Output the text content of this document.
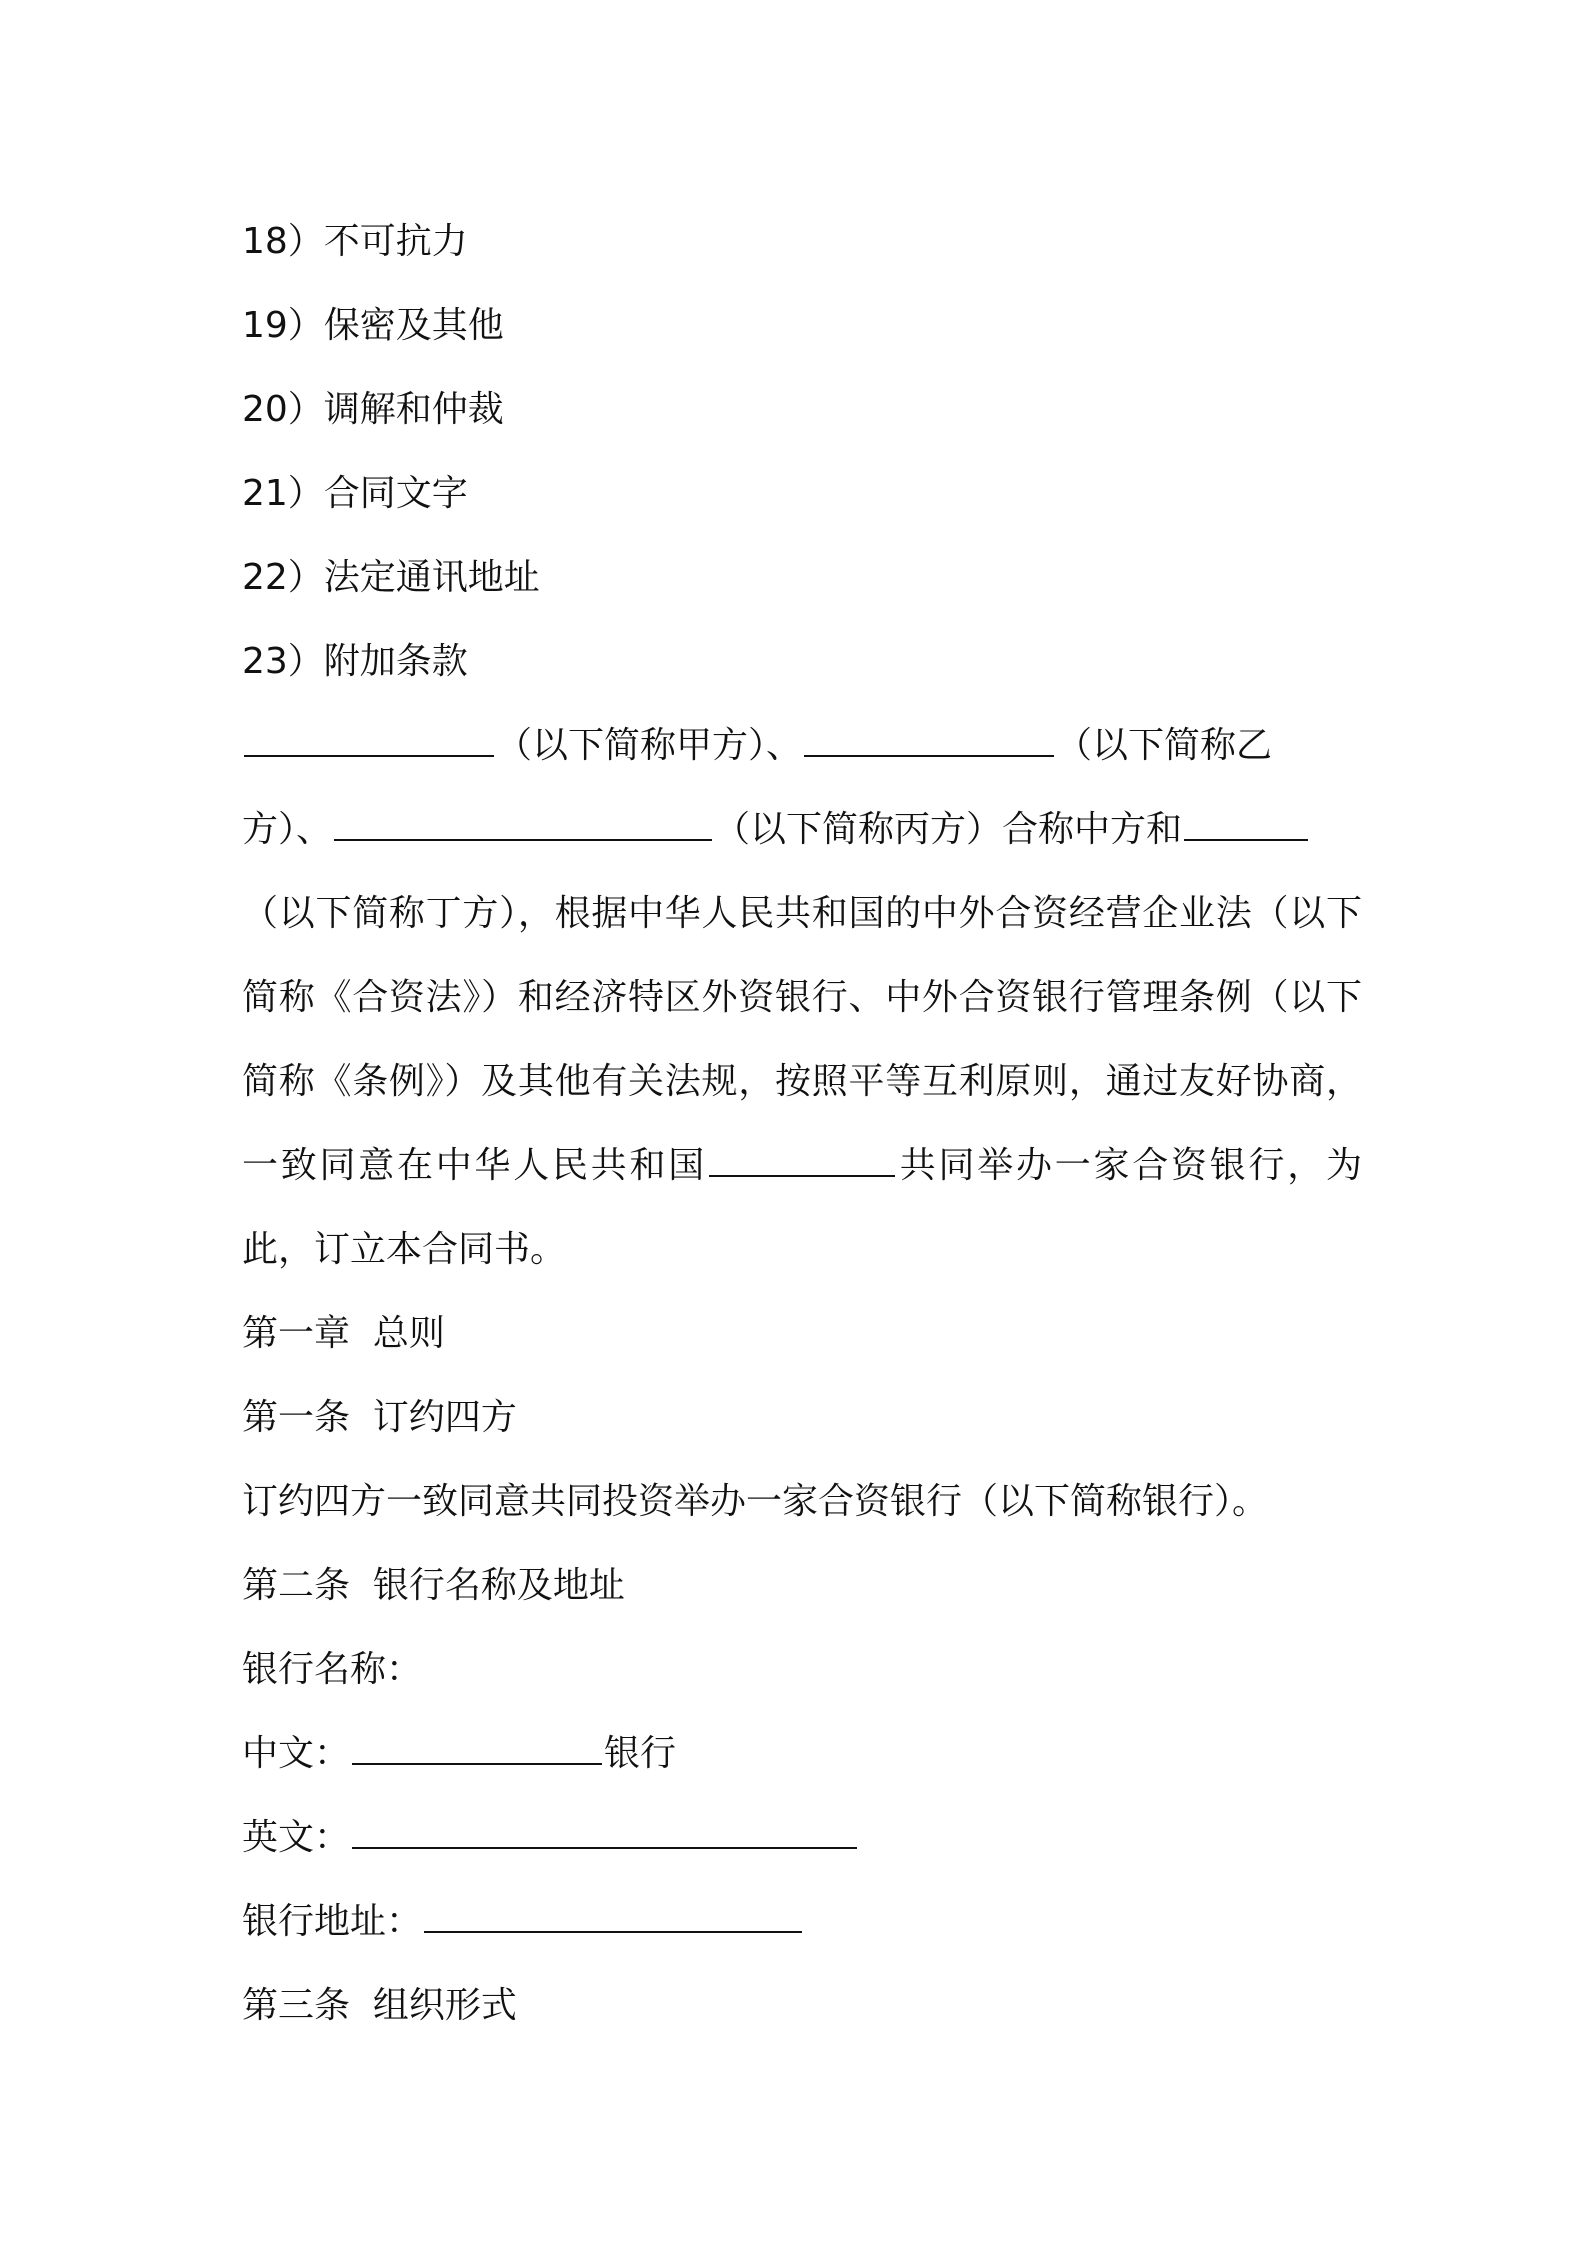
18）不可抗力
19）保密及其他
20）调解和仲裁
21）合同文字
22）法定通讯地址
23）附加条款
（以下简称甲方）、	（以下简称乙
方）、	（以下简称丙方）合称中方和

（以下简称丁方），根据中华人民共和国的中外合资经营企业法（以下简称《合资法》）和经济特区外资银行、中外合资银行管理条例（以下简称《条例》）及其他有关法规，按照平等互利原则，通过友好协商，一致同意在中华人民共和国	共同举办一家合资银行，为此，订立本合同书。

第一章  总则
第一条  订约四方
订约四方一致同意共同投资举办一家合资银行（以下简称银行）。
第二条  银行名称及地址
银行名称：
中文：	银行
英文：
银行地址：
第三条  组织形式
